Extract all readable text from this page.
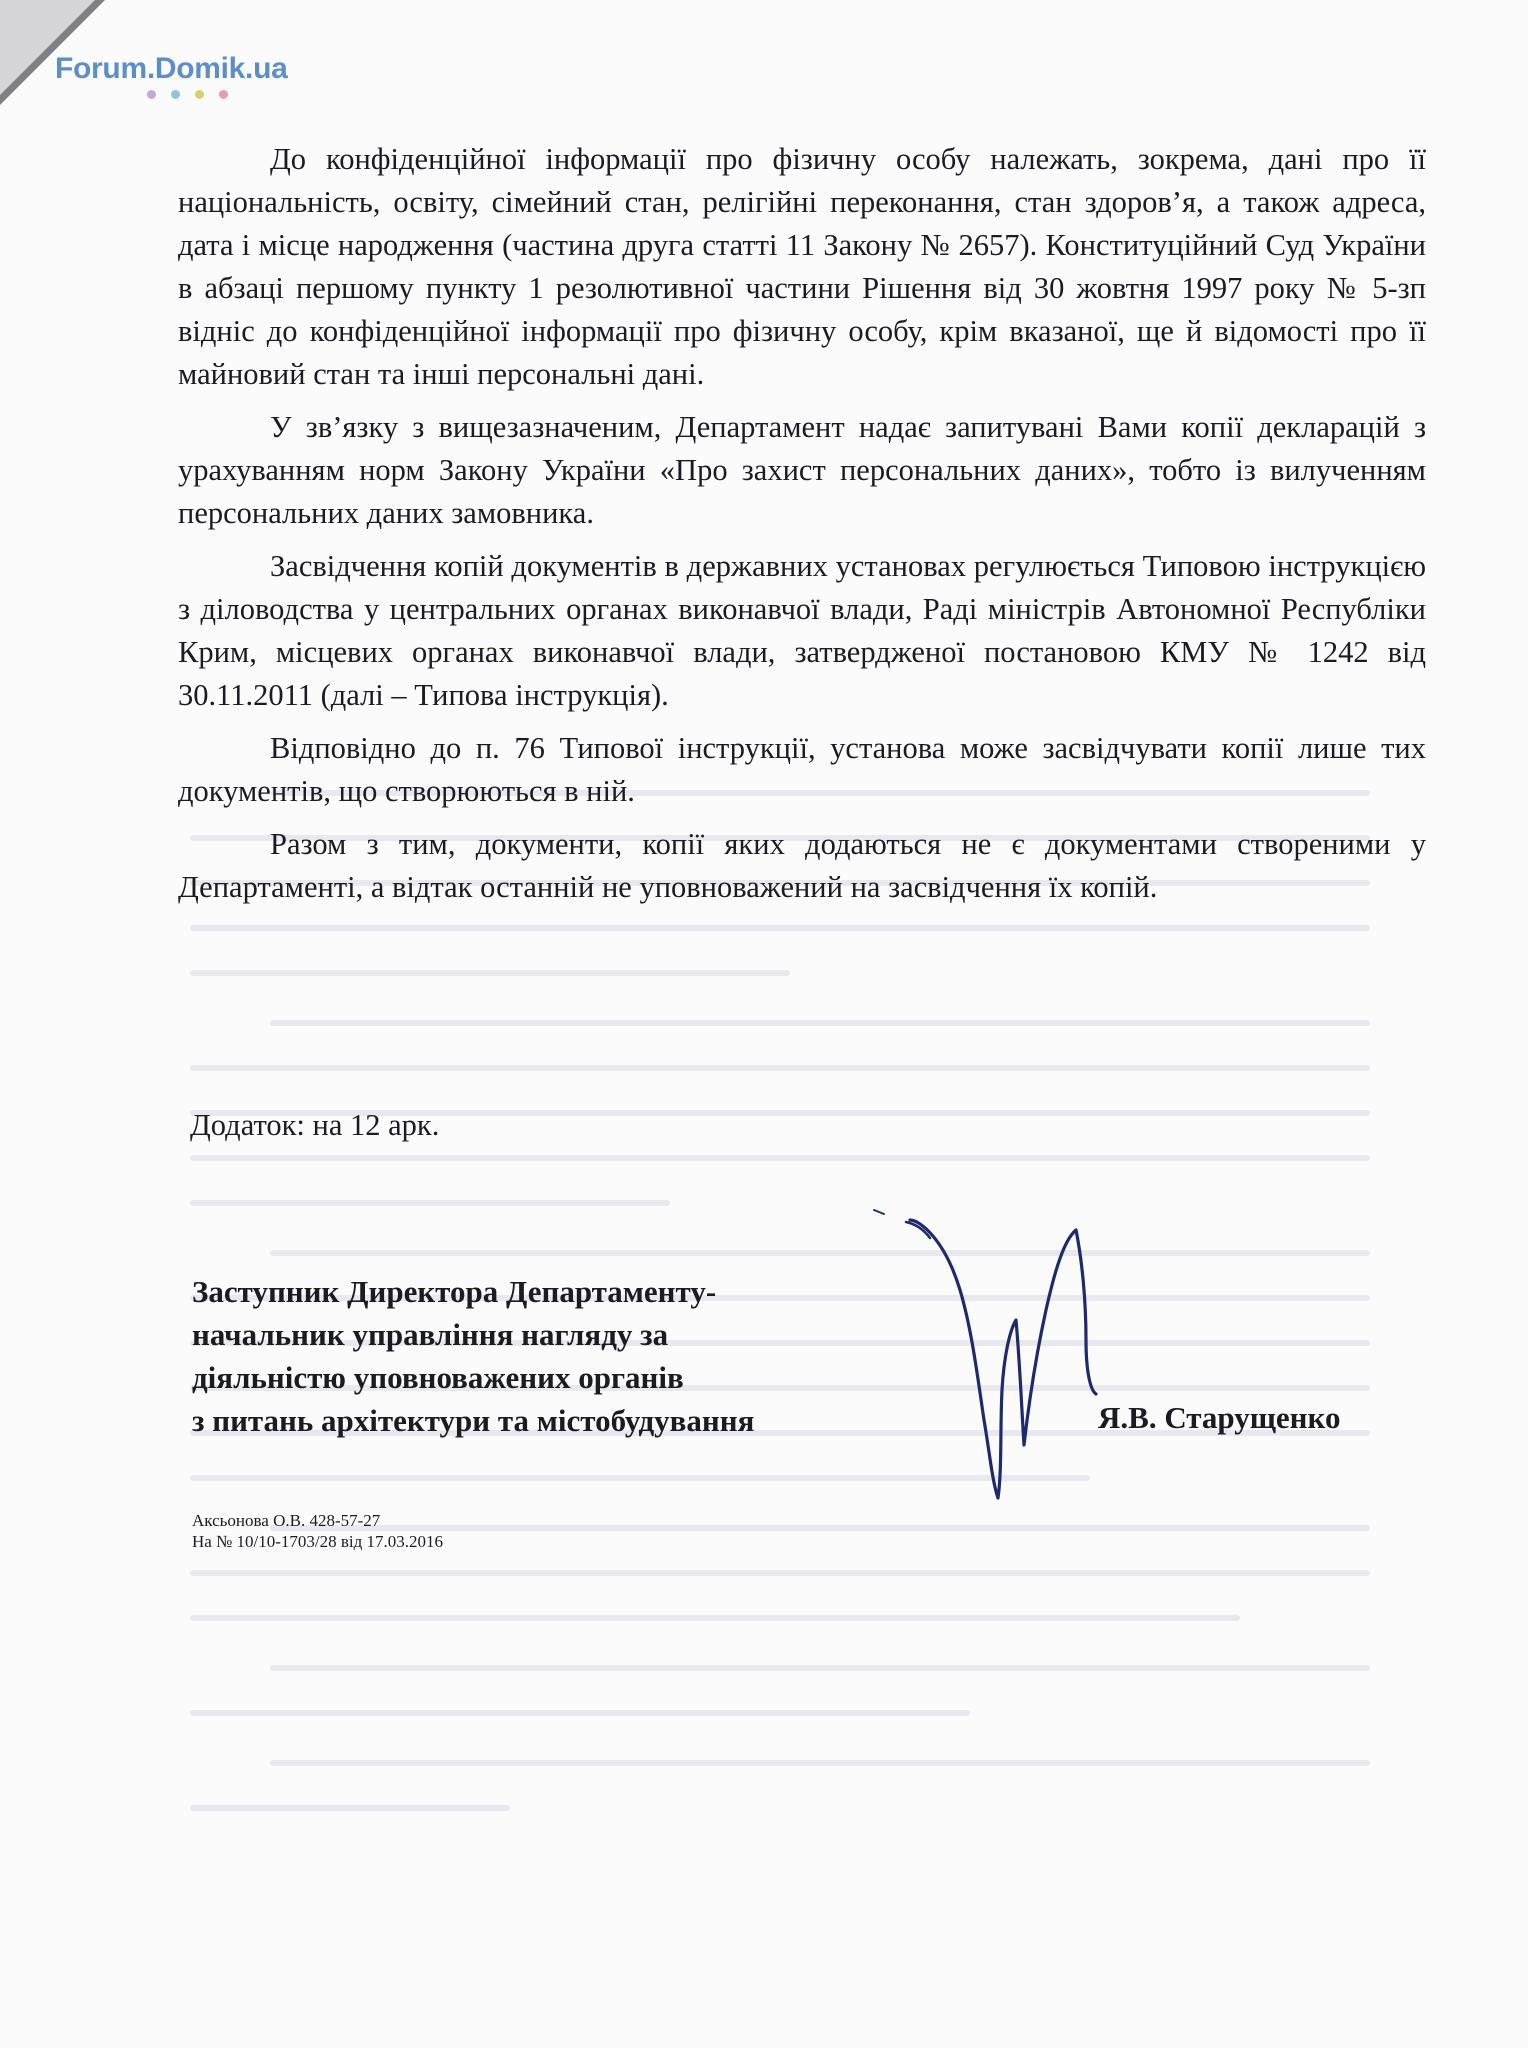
Forum.Domik.ua

До конфіденційної інформації про фізичну особу належать, зокрема, дані про її національність, освіту, сімейний стан, релігійні переконання, стан здоров’я, а також адреса, дата і місце народження (частина друга статті 11 Закону № 2657). Конституційний Суд України в абзаці першому пункту 1 резолютивної частини Рішення від 30 жовтня 1997 року № 5-зп відніс до конфіденційної інформації про фізичну особу, крім вказаної, ще й відомості про її майновий стан та інші персональні дані.

У зв’язку з вищезазначеним, Департамент надає запитувані Вами копії декларацій з урахуванням норм Закону України «Про захист персональних даних», тобто із вилученням персональних даних замовника.

Засвідчення копій документів в державних установах регулюється Типовою інструкцією з діловодства у центральних органах виконавчої влади, Раді міністрів Автономної Республіки Крим, місцевих органах виконавчої влади, затвердженої постановою КМУ № 1242 від 30.11.2011 (далі – Типова інструкція).

Відповідно до п. 76 Типової інструкції, установа може засвідчувати копії лише тих документів, що створюються в ній.

Разом з тим, документи, копії яких додаються не є документами створеними у Департаменті, а відтак останній не уповноважений на засвідчення їх копій.

Додаток: на 12 арк.
Заступник Директора Департаменту-
начальник управління нагляду за
діяльністю уповноважених органів
з питань архітектури та містобудування	Я.В. Старущенко
Аксьонова О.В. 428-57-27
На № 10/10-1703/28 від 17.03.2016
